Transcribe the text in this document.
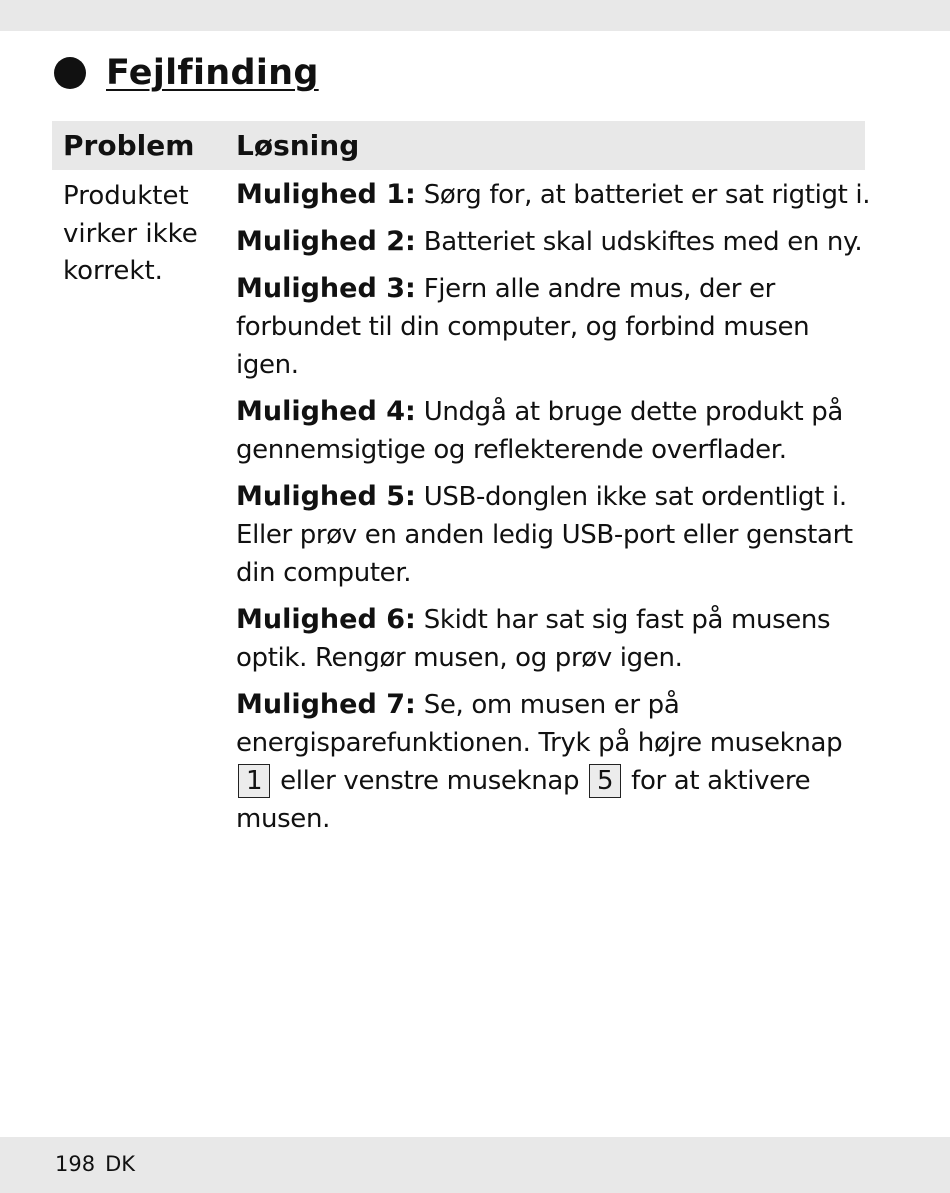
Fejlfinding
Problem Løsning
Produktet virker ikke korrekt.

Mulighed 1: Sørg for, at batteriet er sat rigtigt i.

Mulighed 2: Batteriet skal udskiftes med en ny.

Mulighed 3: Fjern alle andre mus, der er forbundet til din computer, og forbind musen igen.

Mulighed 4: Undgå at bruge dette produkt på gennemsigtige og reflekterende overflader.

Mulighed 5: USB-donglen ikke sat ordentligt i. Eller prøv en anden ledig USB-port eller genstart din computer.

Mulighed 6: Skidt har sat sig fast på musens optik. Rengør musen, og prøv igen.

Mulighed 7: Se, om musen er på energisparefunktionen. Tryk på højre museknap 1 eller venstre museknap 5 for at aktivere musen.

198 DK
